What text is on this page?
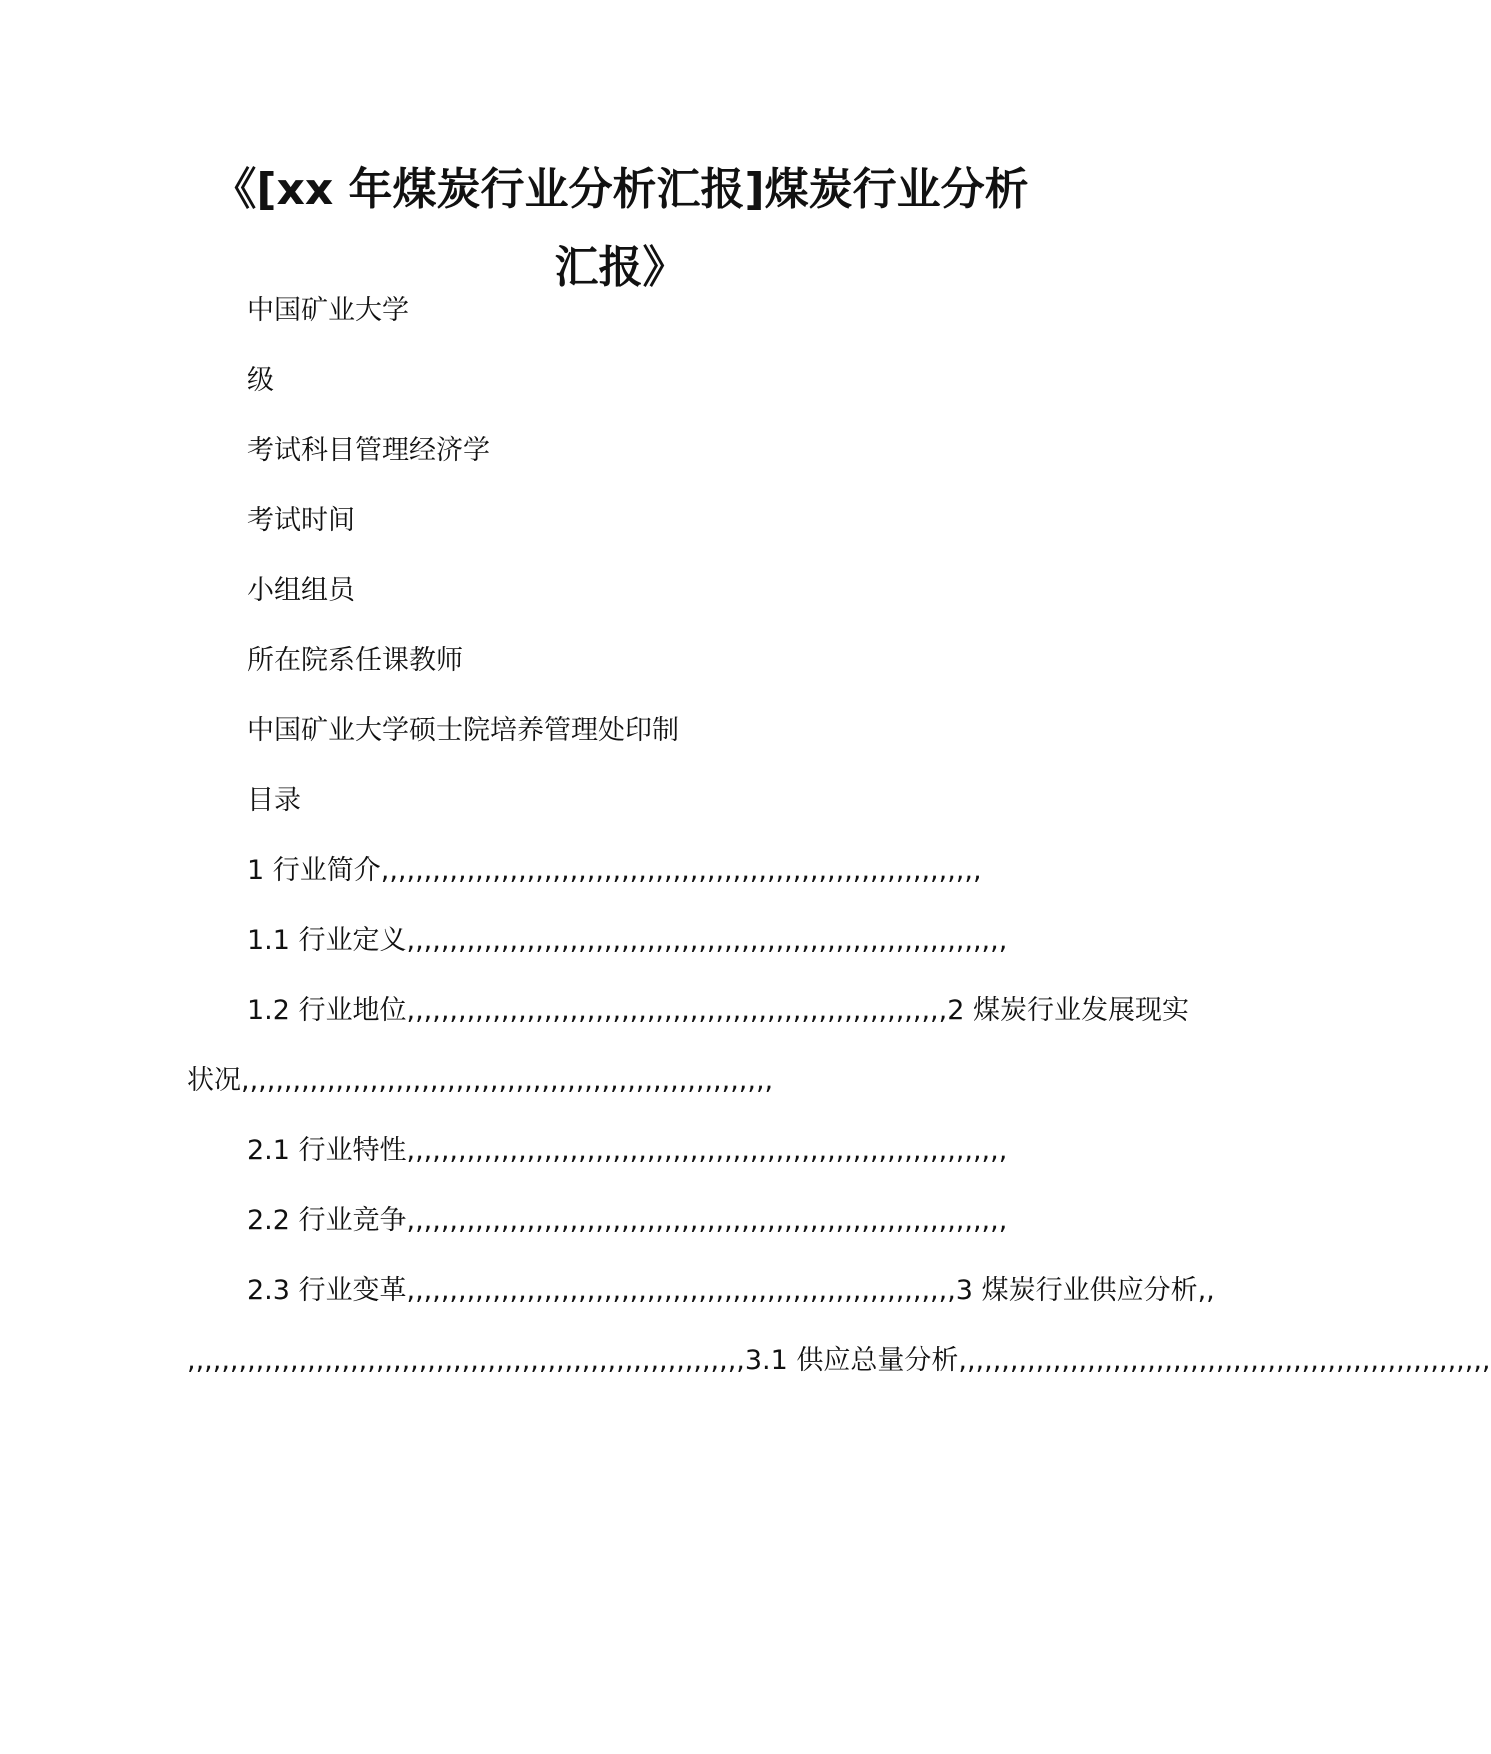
《[xx 年煤炭行业分析汇报]煤炭行业分析
汇报》

中国矿业大学

级

考试科目管理经济学

考试时间

小组组员

所在院系任课教师

中国矿业大学硕士院培养管理处印制

目录

1 行业简介,,,,,,,,,,,,,,,,,,,,,,,,,,,,,,,,,,,,,,,,,,,,,,,,,,,,,,,,,,,,,,,,,,,,,,

1.1 行业定义,,,,,,,,,,,,,,,,,,,,,,,,,,,,,,,,,,,,,,,,,,,,,,,,,,,,,,,,,,,,,,,,,,,,,,

1.2 行业地位,,,,,,,,,,,,,,,,,,,,,,,,,,,,,,,,,,,,,,,,,,,,,,,,,,,,,,,,,,,,,,,2 煤炭行业发展现实

状况,,,,,,,,,,,,,,,,,,,,,,,,,,,,,,,,,,,,,,,,,,,,,,,,,,,,,,,,,,,,,,

2.1 行业特性,,,,,,,,,,,,,,,,,,,,,,,,,,,,,,,,,,,,,,,,,,,,,,,,,,,,,,,,,,,,,,,,,,,,,,

2.2 行业竞争,,,,,,,,,,,,,,,,,,,,,,,,,,,,,,,,,,,,,,,,,,,,,,,,,,,,,,,,,,,,,,,,,,,,,,

2.3 行业变革,,,,,,,,,,,,,,,,,,,,,,,,,,,,,,,,,,,,,,,,,,,,,,,,,,,,,,,,,,,,,,,,3 煤炭行业供应分析,,

,,,,,,,,,,,,,,,,,,,,,,,,,,,,,,,,,,,,,,,,,,,,,,,,,,,,,,,,,,,,,,,,,3.1 供应总量分析,,,,,,,,,,,,,,,,,,,,,,,,,,,,,,,,,,,,,,,,,,,,,,,,,,,,,,,,,,,,,,
